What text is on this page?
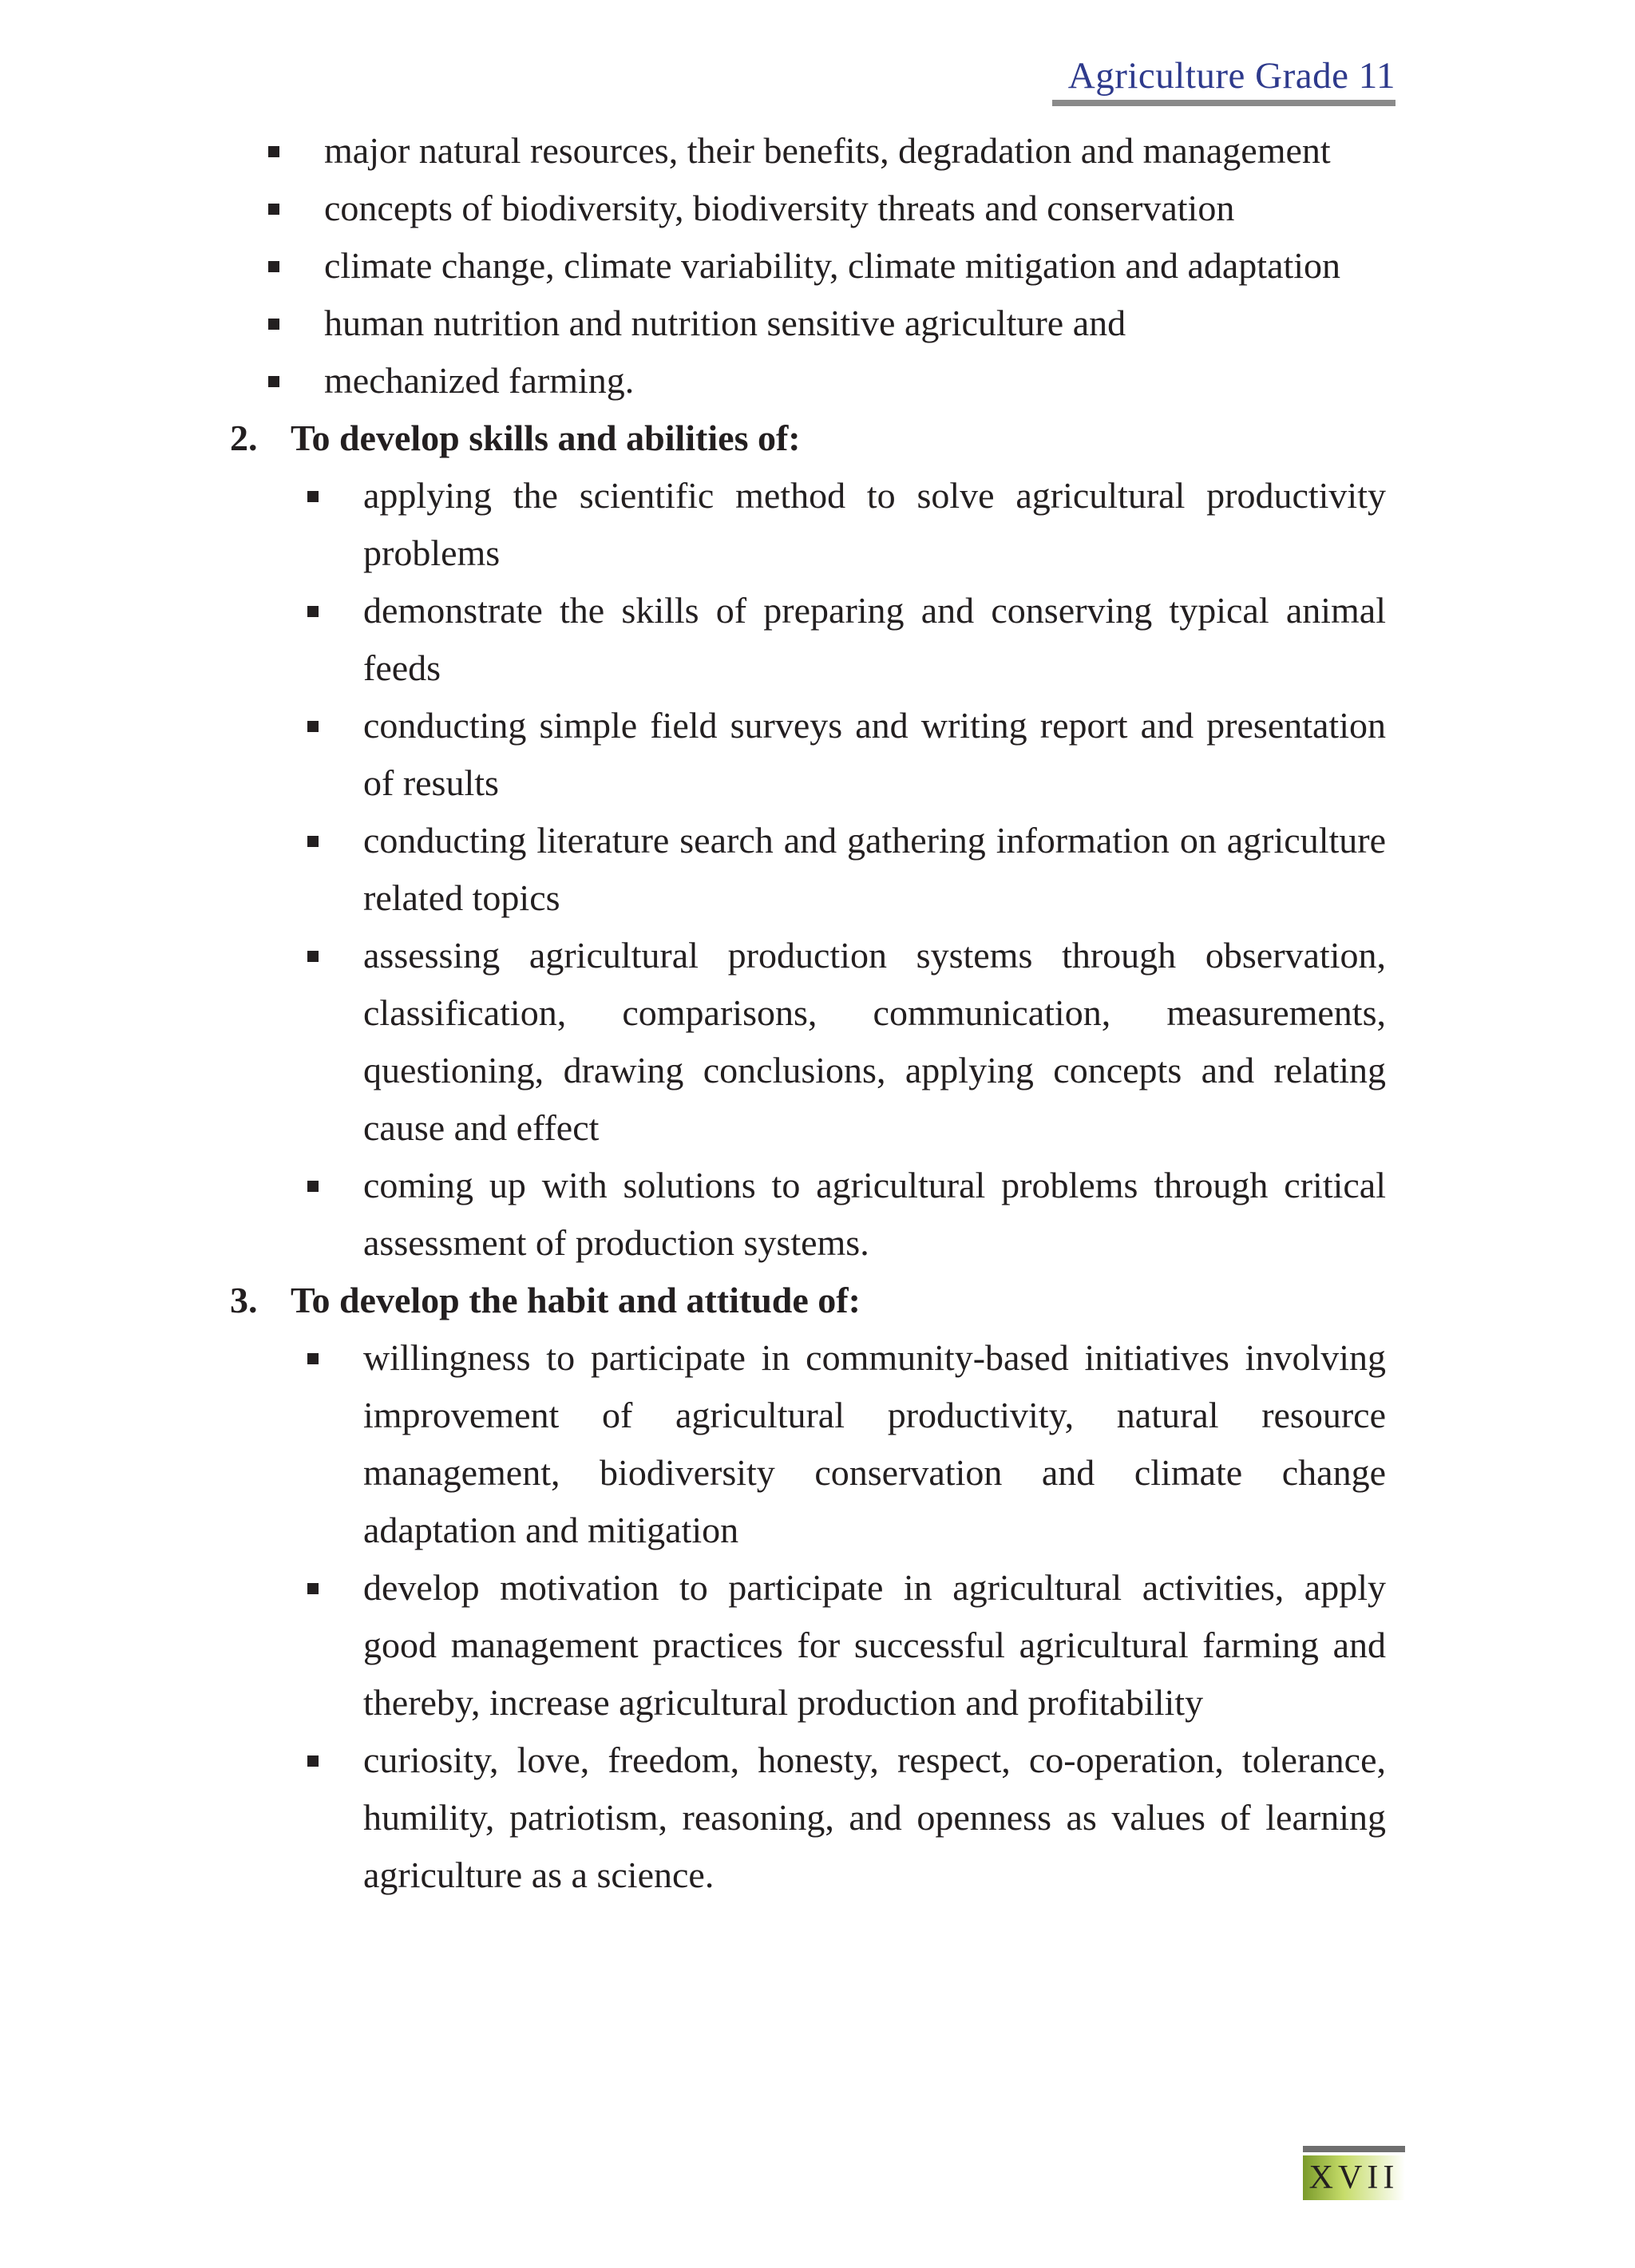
Agriculture Grade 11
major natural resources, their benefits, degradation and management
concepts of biodiversity, biodiversity threats and conservation
climate change, climate variability, climate mitigation and adaptation
human nutrition and nutrition sensitive agriculture and
mechanized farming.
2. To develop skills and abilities of:
applying the scientific method to solve agricultural productivity problems
demonstrate the skills of preparing and conserving typical animal feeds
conducting simple field surveys and writing report and presentation of results
conducting literature search and gathering information on agriculture related topics
assessing agricultural production systems through observation, classification, comparisons, communication, measurements, questioning, drawing conclusions, applying concepts and relating cause and effect
coming up with solutions to agricultural problems through critical assessment of production systems.
3. To develop the habit and attitude of:
willingness to participate in community-based initiatives involving improvement of agricultural productivity, natural resource management, biodiversity conservation and climate change adaptation and mitigation
develop motivation to participate in agricultural activities, apply good management practices for successful agricultural farming and thereby, increase agricultural production and profitability
curiosity, love, freedom, honesty, respect, co-operation, tolerance, humility, patriotism, reasoning, and openness as values of learning agriculture as a science.
XVII
